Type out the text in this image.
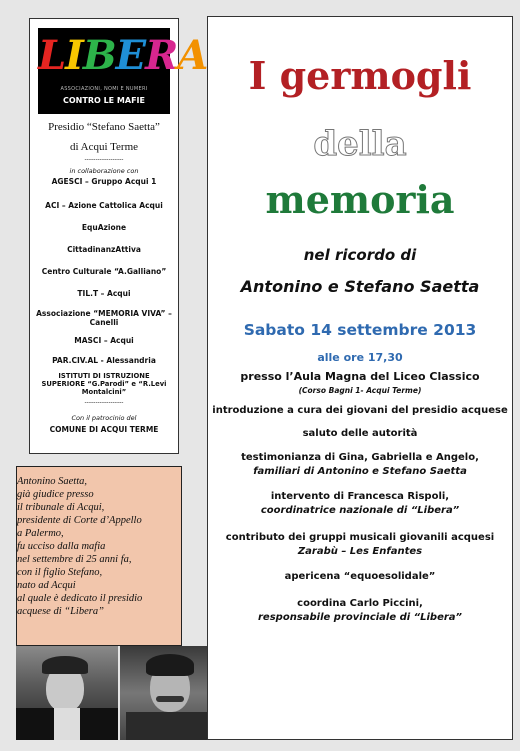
LIBERA
ASSOCIAZIONI, NOMI E NUMERI
CONTRO LE MAFIE
Presidio “Stefano Saetta”
di Acqui Terme
------------------
in collaborazione con
AGESCI – Gruppo Acqui 1
ACI – Azione Cattolica Acqui
EquAzione
CittadinanzAttiva
Centro Culturale “A.Galliano”
TIL.T – Acqui
Associazione “MEMORIA VIVA” – Canelli
MASCI – Acqui
PAR.CIV.AL - Alessandria
ISTITUTI DI ISTRUZIONE SUPERIORE “G.Parodi” e “R.Levi Montalcini”
------------------
Con il patrocinio del
COMUNE DI ACQUI TERME
Antonino Saetta,
già giudice presso
il tribunale di Acqui,
presidente di Corte d’Appello
a Palermo,
fu ucciso dalla mafia
nel settembre di 25 anni fa,
con il figlio Stefano,
nato ad Acqui
al quale è dedicato il presidio
acquese di “Libera”
I germogli
della
memoria
nel ricordo di
Antonino e Stefano Saetta
Sabato 14 settembre 2013
alle ore 17,30
presso l’Aula Magna del Liceo Classico
(Corso Bagni 1- Acqui Terme)
introduzione a cura dei giovani del presidio acquese
saluto delle autorità
testimonianza di Gina, Gabriella e Angelo,
familiari di Antonino e Stefano Saetta
intervento di Francesca Rispoli,
coordinatrice nazionale di “Libera”
contributo dei gruppi musicali giovanili acquesi
Zarabù – Les Enfantes
apericena “equoesolidale”
coordina Carlo Piccini,
responsabile provinciale di “Libera”
